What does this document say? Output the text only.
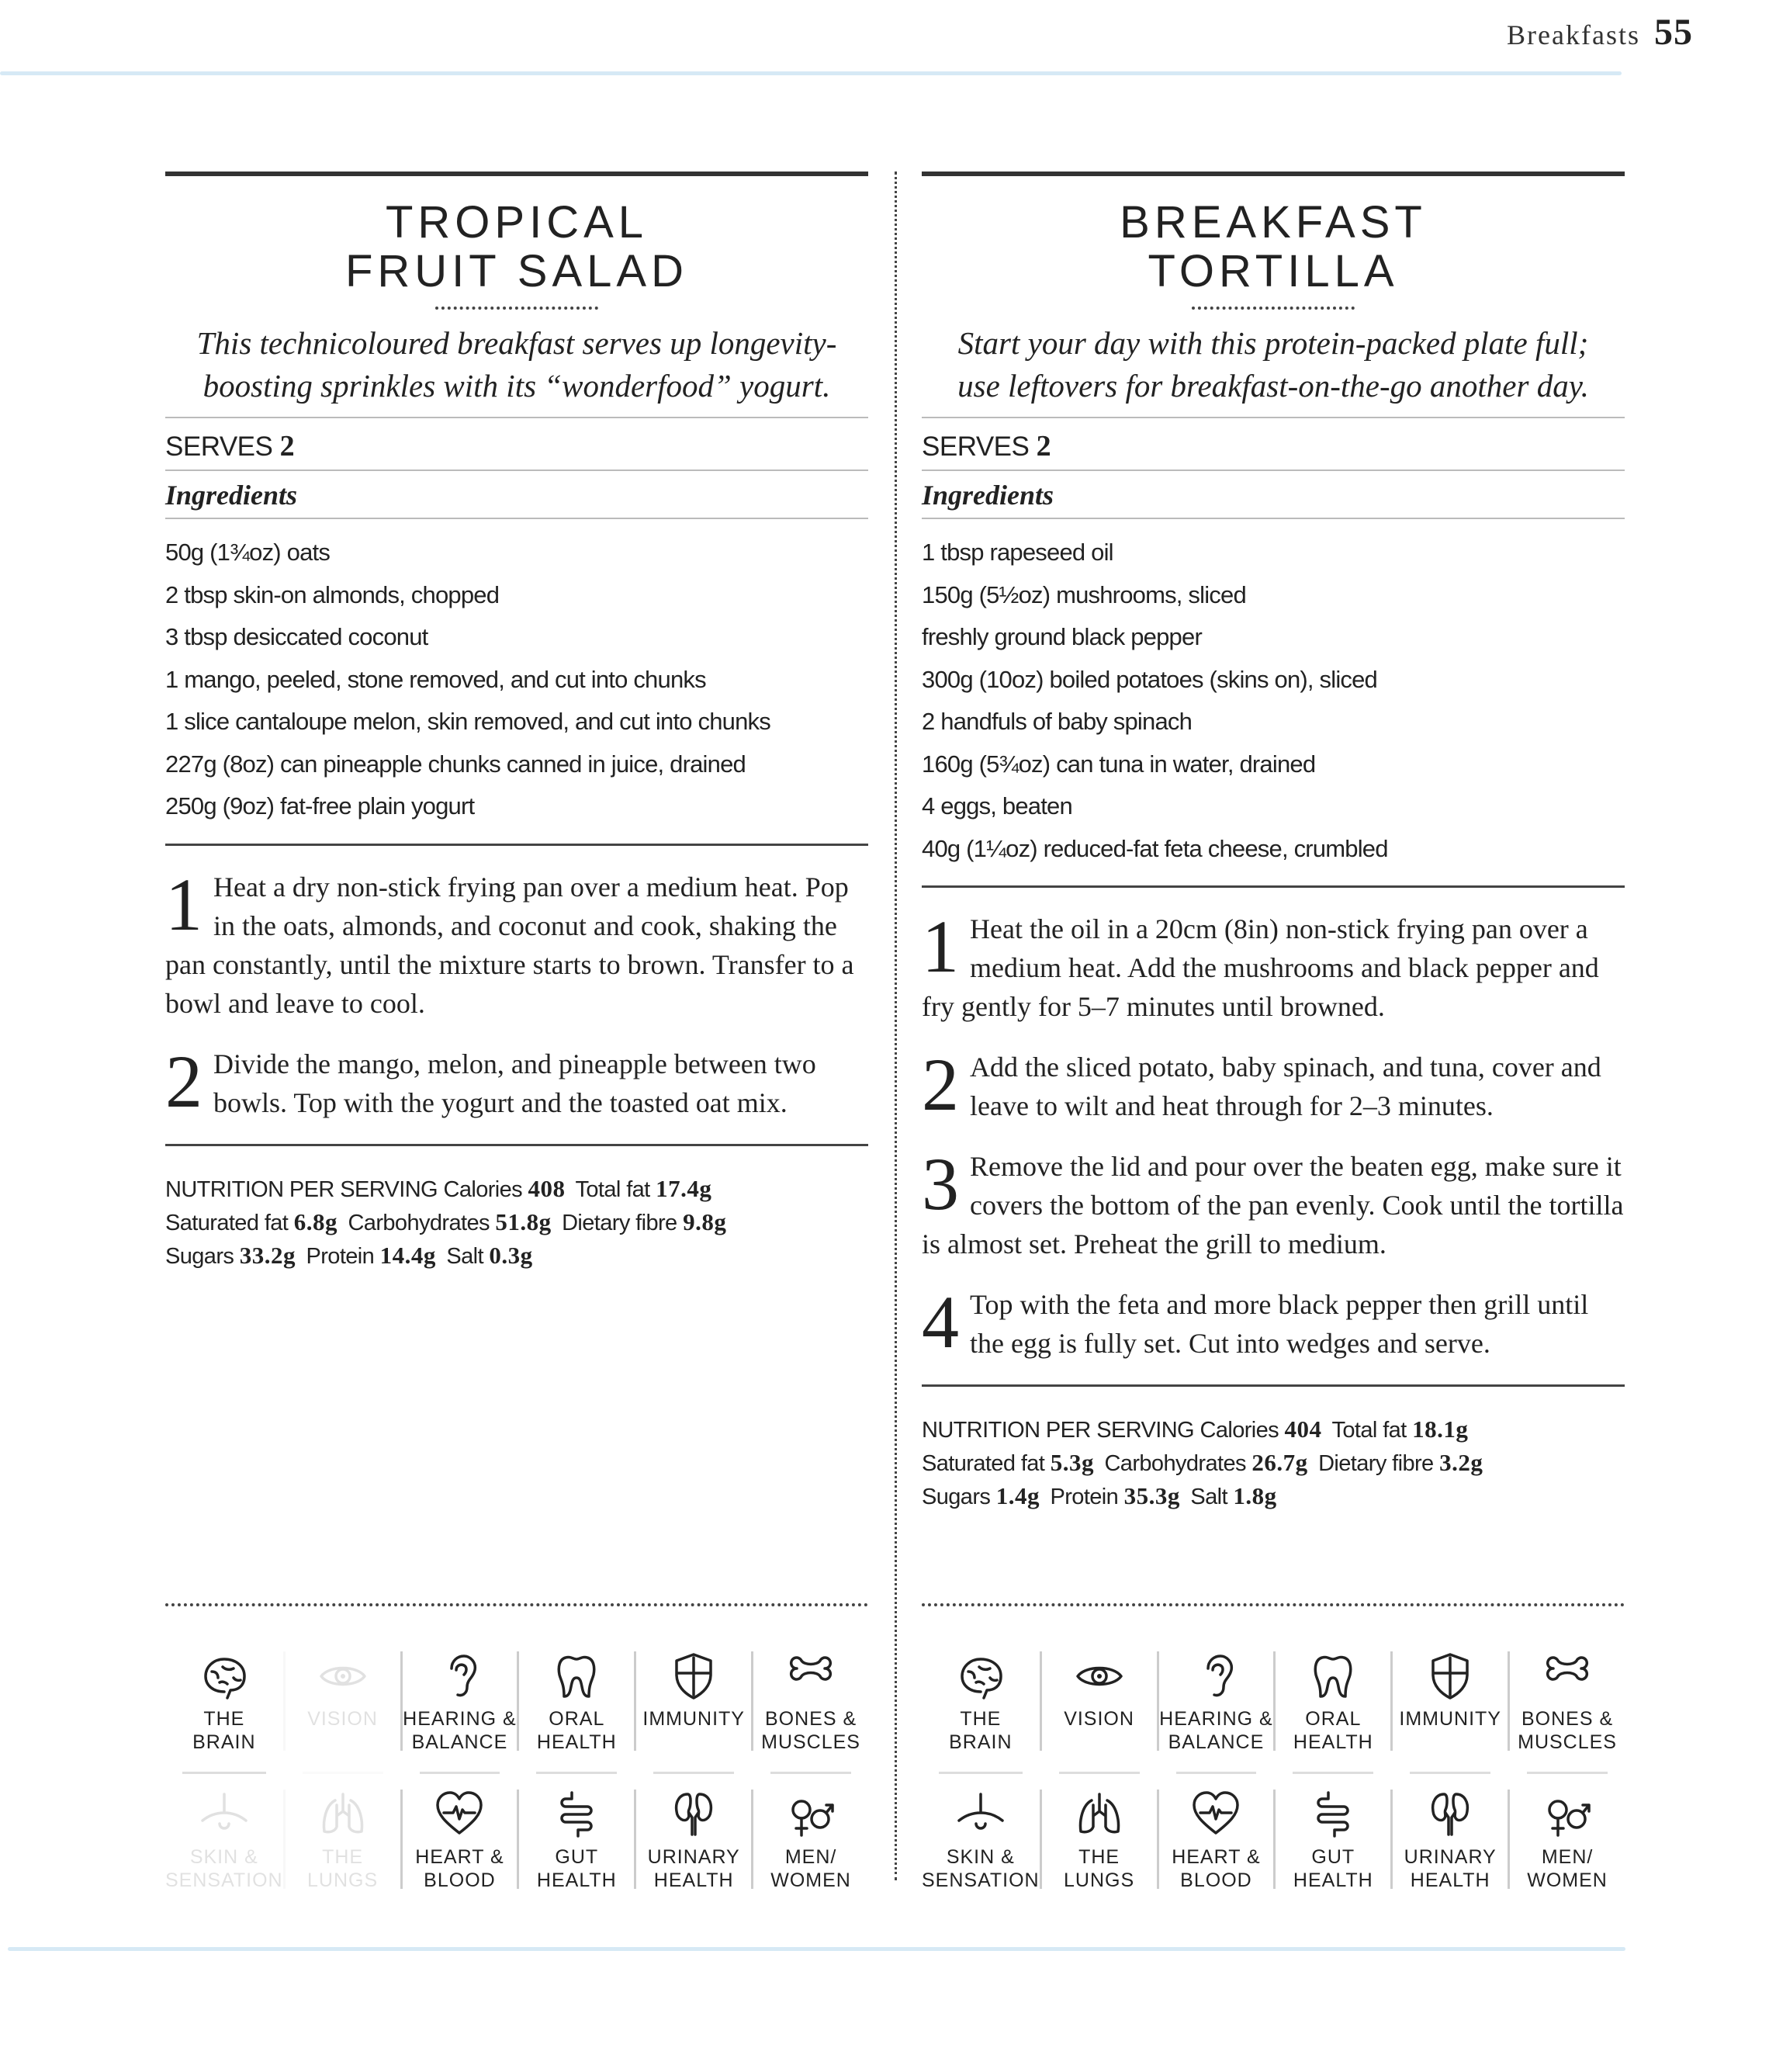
Breakfasts 55
TROPICAL
FRUIT SALAD
This technicoloured breakfast serves up longevity-
boosting sprinkles with its “wonderfood” yogurt.
SERVES 2
Ingredients
50g (1¾oz) oats
2 tbsp skin-on almonds, chopped
3 tbsp desiccated coconut
1 mango, peeled, stone removed, and cut into chunks
1 slice cantaloupe melon, skin removed, and cut into chunks
227g (8oz) can pineapple chunks canned in juice, drained
250g (9oz) fat-free plain yogurt
1 Heat a dry non-stick frying pan over a medium heat. Pop in the oats, almonds, and coconut and cook, shaking the pan constantly, until the mixture starts to brown. Transfer to a bowl and leave to cool.
2 Divide the mango, melon, and pineapple between two bowls. Top with the yogurt and the toasted oat mix.
NUTRITION PER SERVING Calories 408 Total fat 17.4g
Saturated fat 6.8g Carbohydrates 51.8g Dietary fibre 9.8g
Sugars 33.2g Protein 14.4g Salt 0.3g
BREAKFAST
TORTILLA
Start your day with this protein-packed plate full;
use leftovers for breakfast-on-the-go another day.
SERVES 2
Ingredients
1 tbsp rapeseed oil
150g (5½oz) mushrooms, sliced
freshly ground black pepper
300g (10oz) boiled potatoes (skins on), sliced
2 handfuls of baby spinach
160g (5¾oz) can tuna in water, drained
4 eggs, beaten
40g (1¼oz) reduced-fat feta cheese, crumbled
1 Heat the oil in a 20cm (8in) non-stick frying pan over a medium heat. Add the mushrooms and black pepper and fry gently for 5–7 minutes until browned.
2 Add the sliced potato, baby spinach, and tuna, cover and leave to wilt and heat through for 2–3 minutes.
3 Remove the lid and pour over the beaten egg, make sure it covers the bottom of the pan evenly. Cook until the tortilla is almost set. Preheat the grill to medium.
4 Top with the feta and more black pepper then grill until the egg is fully set. Cut into wedges and serve.
NUTRITION PER SERVING Calories 404 Total fat 18.1g
Saturated fat 5.3g Carbohydrates 26.7g Dietary fibre 3.2g
Sugars 1.4g Protein 35.3g Salt 1.8g
THE
BRAIN
VISION	HEARING &
BALANCE
ORAL
HEALTH
IMMUNITY	BONES &
MUSCLES
SKIN &
SENSATION
THE
LUNGS
HEART &
BLOOD
GUT
HEALTH
URINARY
HEALTH
MEN/
WOMEN
THE
BRAIN
VISION	HEARING &
BALANCE
ORAL
HEALTH
IMMUNITY	BONES &
MUSCLES
SKIN &
SENSATION
THE
LUNGS
HEART &
BLOOD
GUT
HEALTH
URINARY
HEALTH
MEN/
WOMEN
